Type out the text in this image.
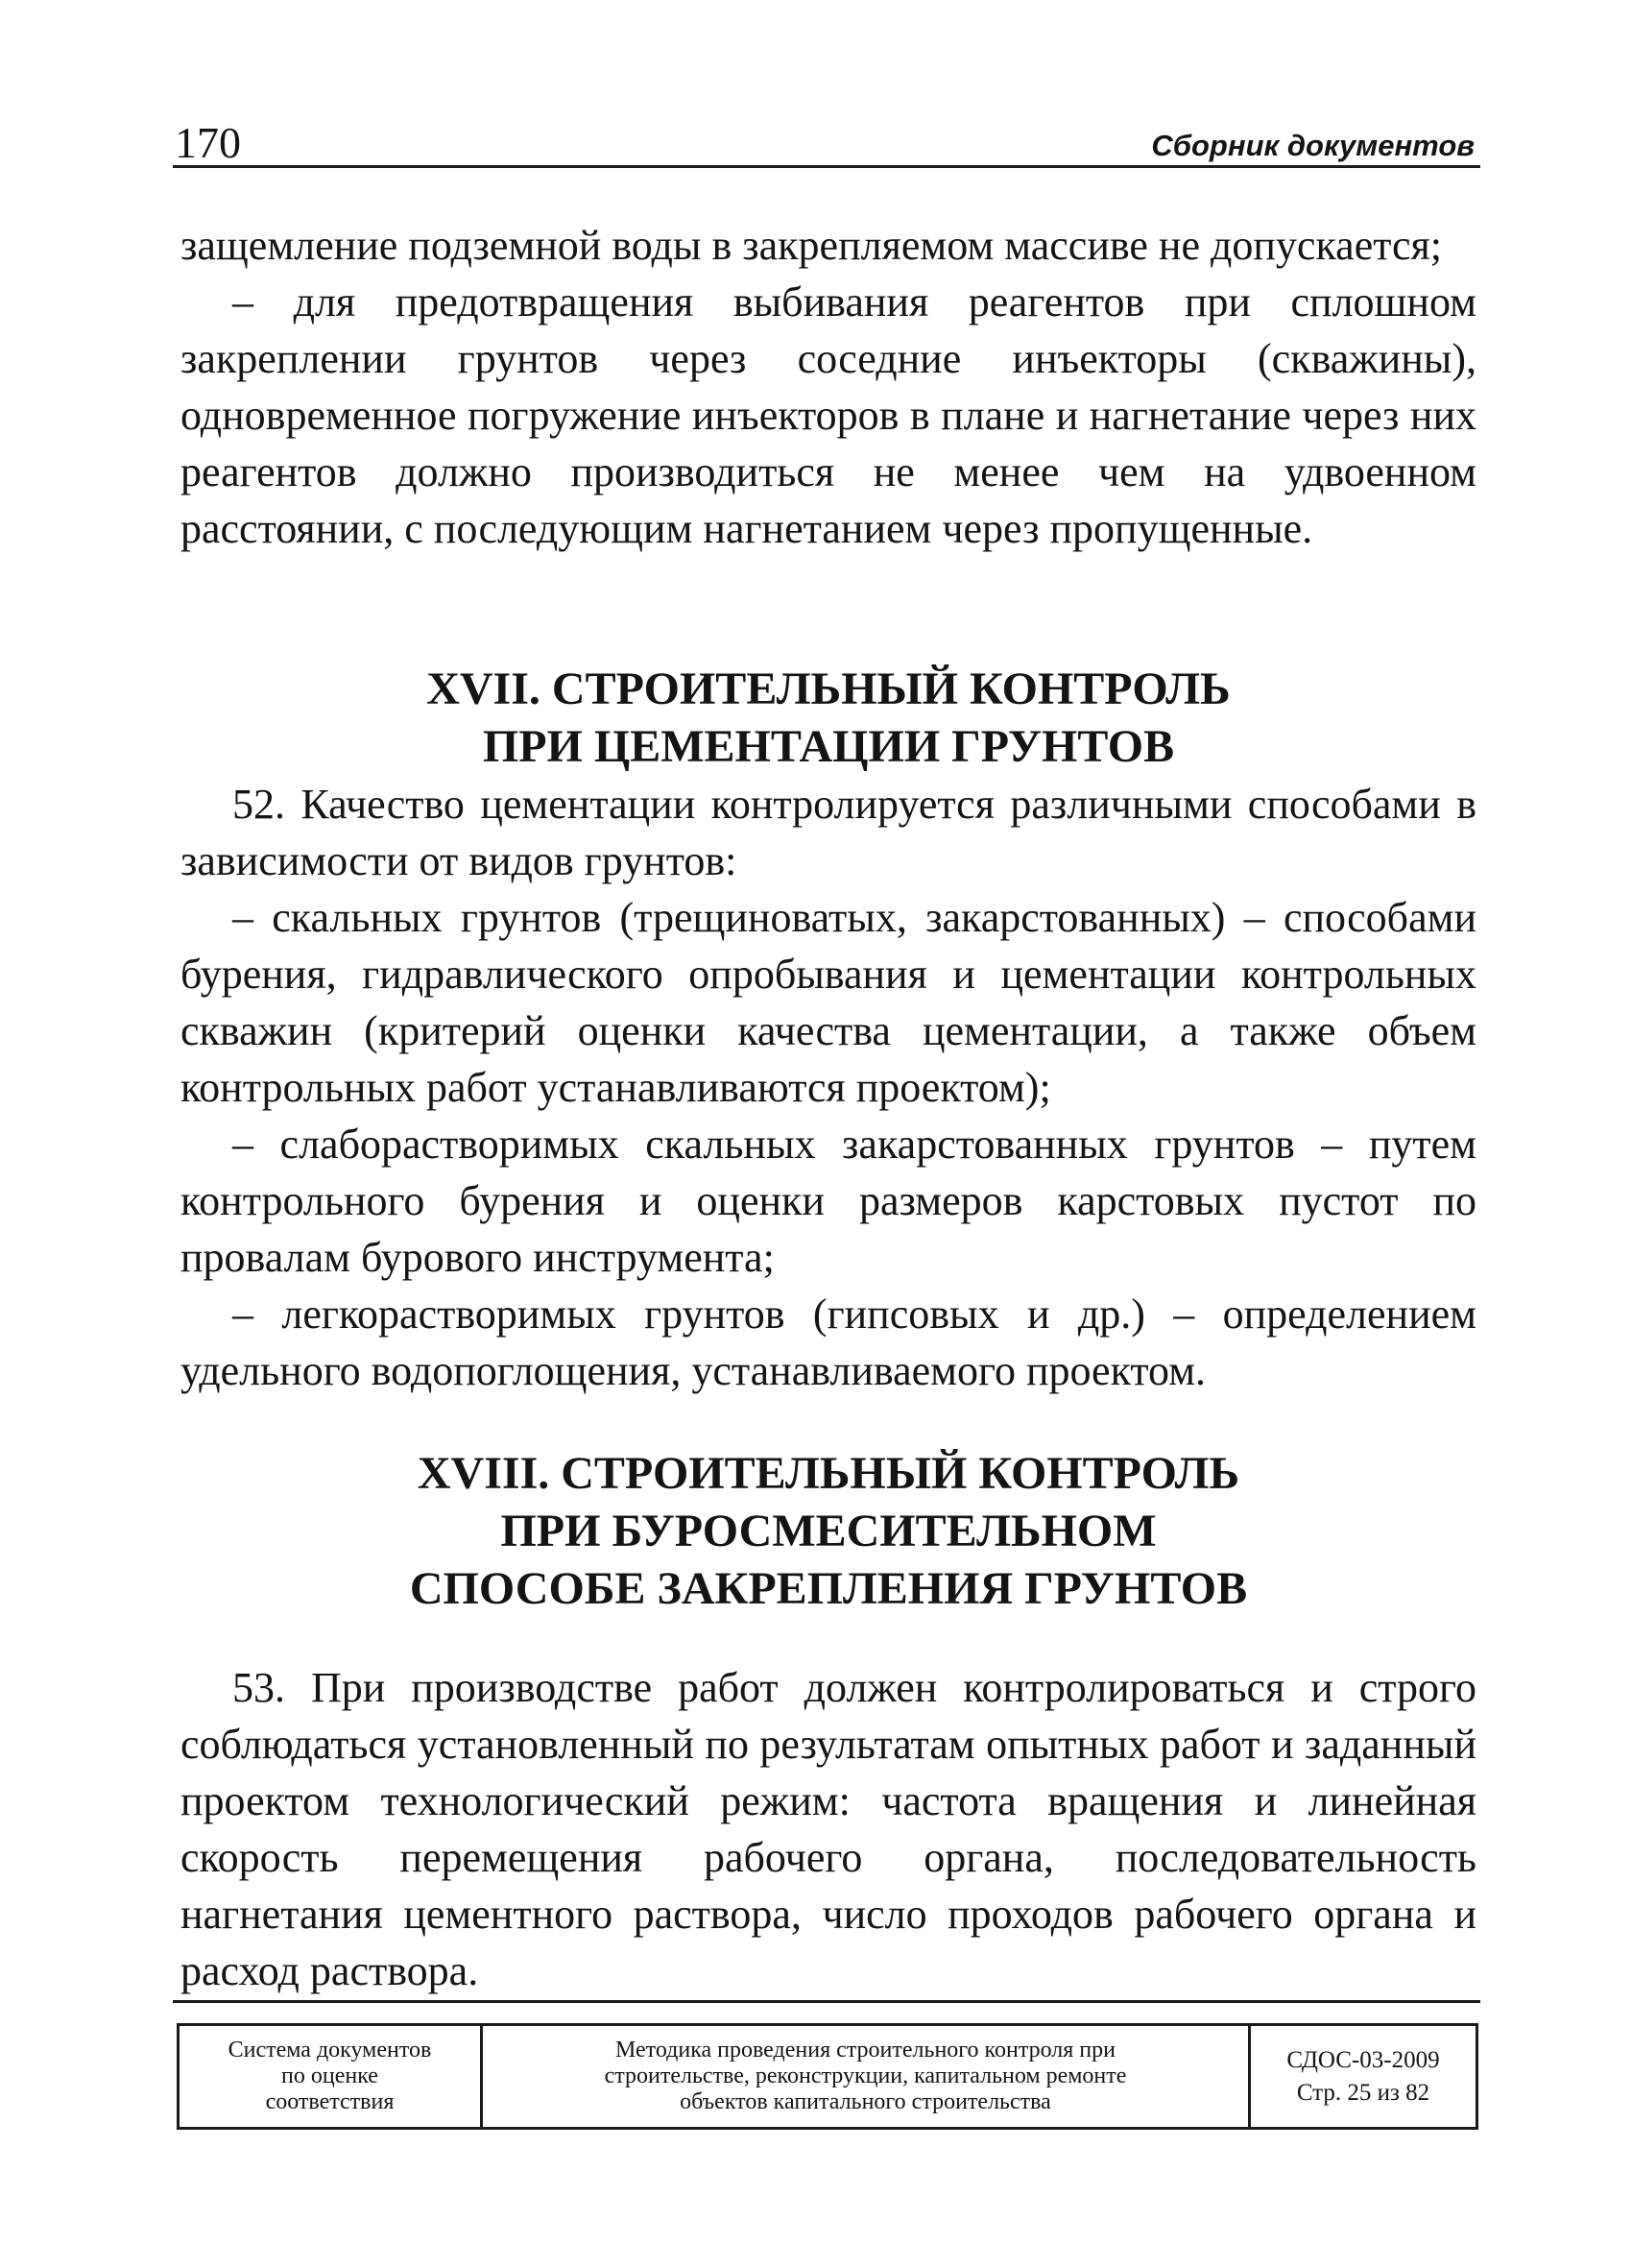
170	Сборник документов

защемление подземной воды в закрепляемом массиве не допускается;

– для предотвращения выбивания реагентов при сплошном закреплении грунтов через соседние инъекторы (скважины), одновременное погружение инъекторов в плане и нагнетание через них реагентов должно производиться не менее чем на удвоенном расстоянии, с последующим нагнетанием через пропущенные.

XVII. СТРОИТЕЛЬНЫЙ КОНТРОЛЬ
ПРИ ЦЕМЕНТАЦИИ ГРУНТОВ

52. Качество цементации контролируется различными способами в зависимости от видов грунтов:

– скальных грунтов (трещиноватых, закарстованных) – способами бурения, гидравлического опробывания и цементации контрольных скважин (критерий оценки качества цементации, а также объем контрольных работ устанавливаются проектом);

– слаборастворимых скальных закарстованных грунтов – путем контрольного бурения и оценки размеров карстовых пустот по провалам бурового инструмента;

– легкорастворимых грунтов (гипсовых и др.) – определением удельного водопоглощения, устанавливаемого проектом.

XVIII. СТРОИТЕЛЬНЫЙ КОНТРОЛЬ
ПРИ БУРОСМЕСИТЕЛЬНОМ
СПОСОБЕ ЗАКРЕПЛЕНИЯ ГРУНТОВ

53. При производстве работ должен контролироваться и строго соблюдаться установленный по результатам опытных работ и заданный проектом технологический режим: частота вращения и линейная скорость перемещения рабочего органа, последовательность нагнетания цементного раствора, число проходов рабочего органа и расход раствора.

Система документов
по оценке
соответствия
Методика проведения строительного контроля при
строительстве, реконструкции, капитальном ремонте
объектов капитального строительства
СДОС-03-2009
Стр. 25 из 82
